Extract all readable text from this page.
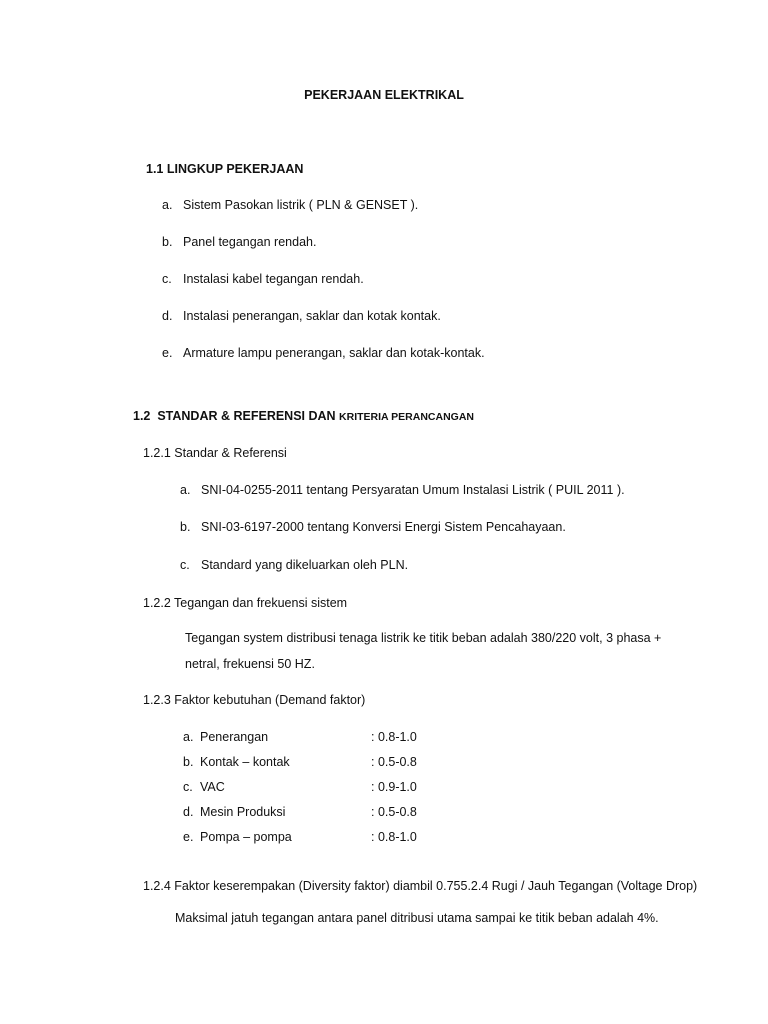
PEKERJAAN ELEKTRIKAL
1.1 LINGKUP PEKERJAAN
a. Sistem Pasokan listrik ( PLN & GENSET ).
b. Panel tegangan rendah.
c. Instalasi kabel tegangan rendah.
d. Instalasi penerangan, saklar dan kotak kontak.
e. Armature lampu penerangan, saklar dan kotak-kontak.
1.2  STANDAR & REFERENSI DAN KRITERIA PERANCANGAN
1.2.1 Standar & Referensi
a. SNI-04-0255-2011 tentang Persyaratan Umum Instalasi Listrik ( PUIL 2011 ).
b. SNI-03-6197-2000 tentang Konversi Energi Sistem Pencahayaan.
c. Standard yang dikeluarkan oleh PLN.
1.2.2 Tegangan dan frekuensi sistem
Tegangan system distribusi tenaga listrik ke titik beban adalah 380/220 volt, 3 phasa +
netral, frekuensi 50 HZ.
1.2.3 Faktor kebutuhan (Demand faktor)
a. Penerangan	: 0.8-1.0
b. Kontak – kontak	: 0.5-0.8
c. VAC	: 0.9-1.0
d. Mesin Produksi	: 0.5-0.8
e. Pompa – pompa	: 0.8-1.0
1.2.4 Faktor keserempakan (Diversity faktor) diambil 0.755.2.4 Rugi / Jauh Tegangan (Voltage Drop)
Maksimal jatuh tegangan antara panel ditribusi utama sampai ke titik beban adalah 4%.
